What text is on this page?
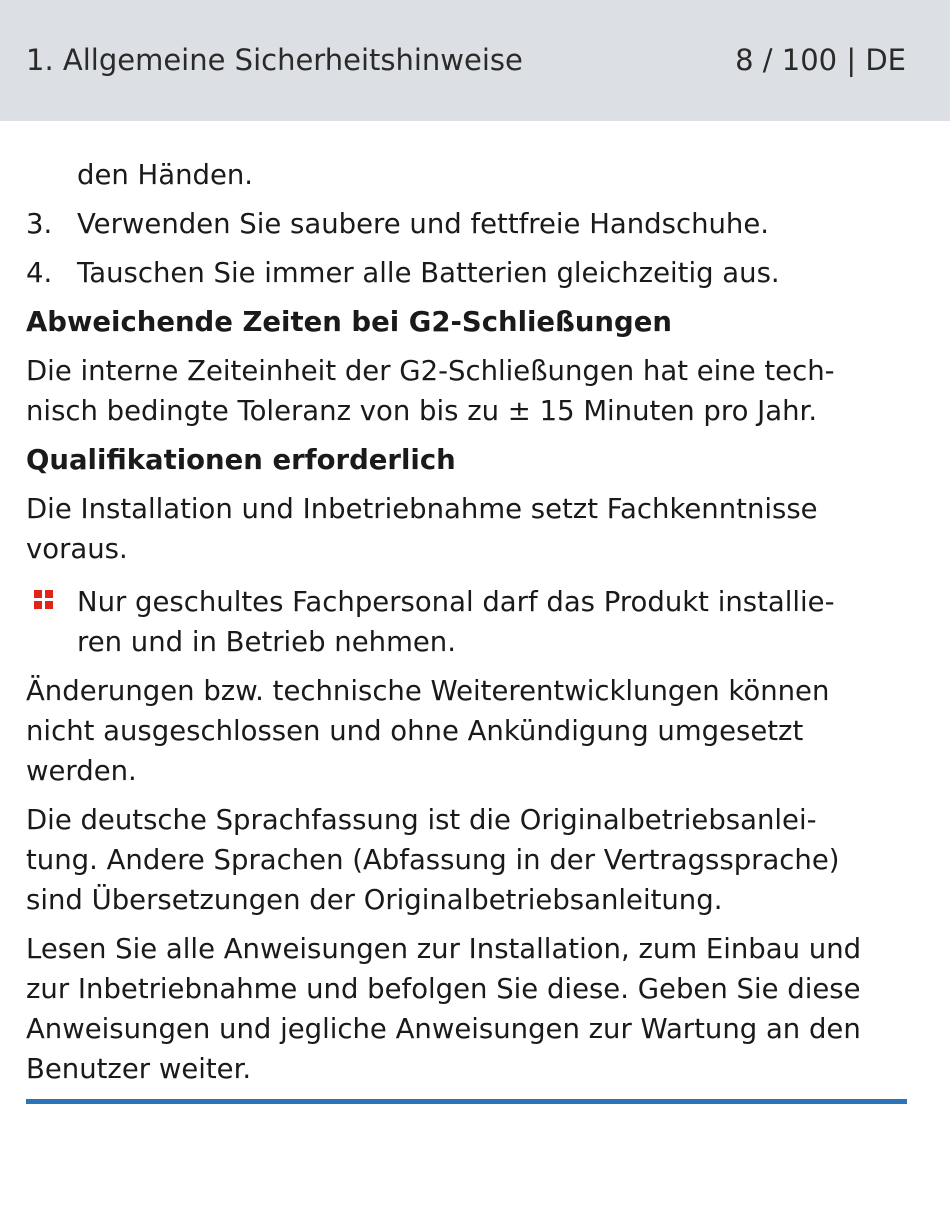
1. Allgemeine Sicherheitshinweise	8 / 100 | DE
den Händen.
3. Verwenden Sie saubere und fettfreie Handschuhe.
4. Tauschen Sie immer alle Batterien gleichzeitig aus.
Abweichende Zeiten bei G2-Schließungen
Die interne Zeiteinheit der G2-Schließungen hat eine tech-
nisch bedingte Toleranz von bis zu ± 15 Minuten pro Jahr.
Qualifikationen erforderlich
Die Installation und Inbetriebnahme setzt Fachkenntnisse
voraus.
Nur geschultes Fachpersonal darf das Produkt installie-
ren und in Betrieb nehmen.
Änderungen bzw. technische Weiterentwicklungen können
nicht ausgeschlossen und ohne Ankündigung umgesetzt
werden.
Die deutsche Sprachfassung ist die Originalbetriebsanlei-
tung. Andere Sprachen (Abfassung in der Vertragssprache)
sind Übersetzungen der Originalbetriebsanleitung.
Lesen Sie alle Anweisungen zur Installation, zum Einbau und
zur Inbetriebnahme und befolgen Sie diese. Geben Sie diese
Anweisungen und jegliche Anweisungen zur Wartung an den
Benutzer weiter.
